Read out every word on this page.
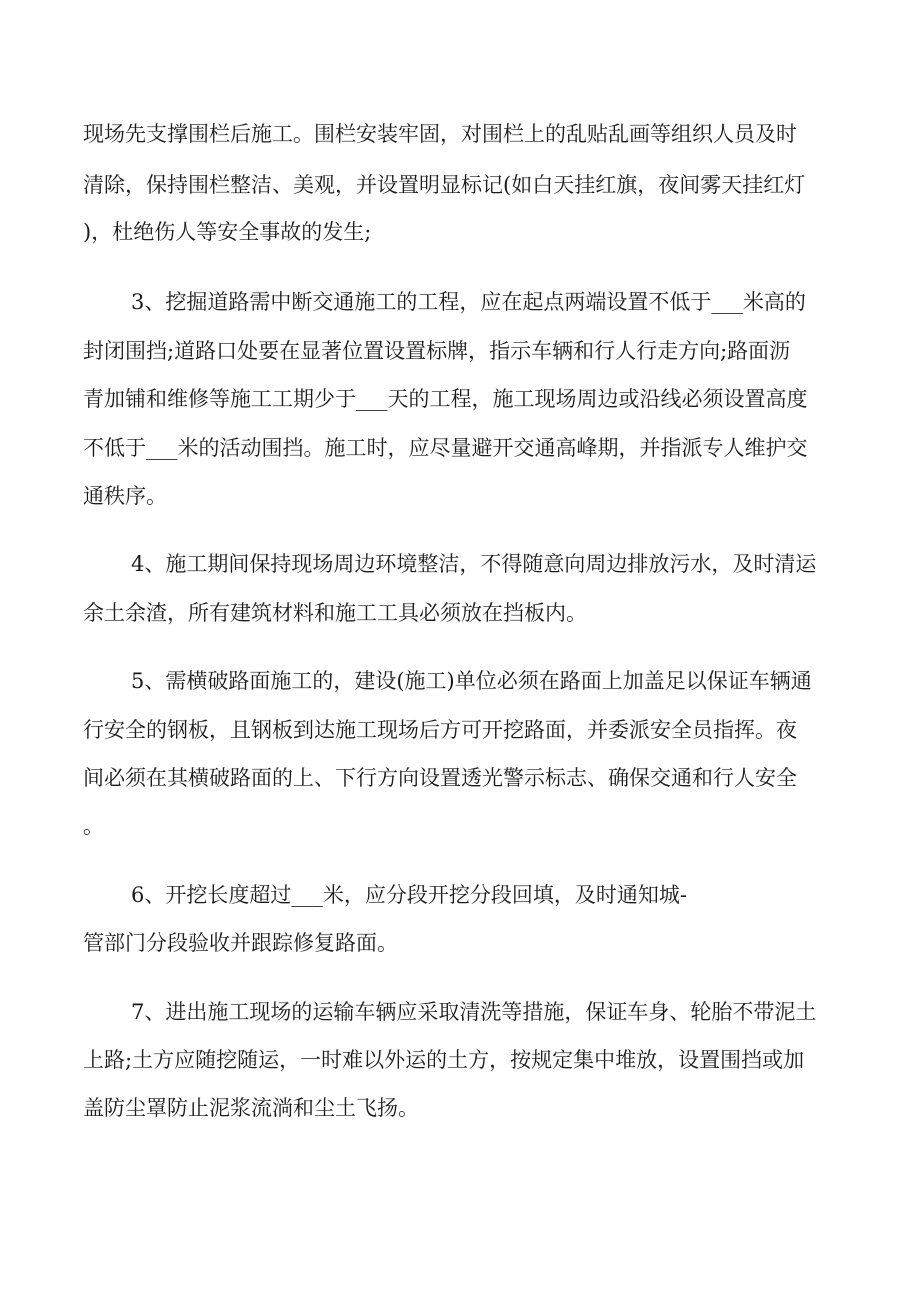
现场先支撑围栏后施工。围栏安装牢固，对围栏上的乱贴乱画等组织人员及时
清除，保持围栏整洁、美观，并设置明显标记(如白天挂红旗，夜间雾天挂红灯
)，杜绝伤人等安全事故的发生;
3、挖掘道路需中断交通施工的工程，应在起点两端设置不低于___米高的
封闭围挡;道路口处要在显著位置设置标牌，指示车辆和行人行走方向;路面沥
青加铺和维修等施工工期少于___天的工程，施工现场周边或沿线必须设置高度
不低于___米的活动围挡。施工时，应尽量避开交通高峰期，并指派专人维护交
通秩序。
4、施工期间保持现场周边环境整洁，不得随意向周边排放污水，及时清运
余土余渣，所有建筑材料和施工工具必须放在挡板内。
5、需横破路面施工的，建设(施工)单位必须在路面上加盖足以保证车辆通
行安全的钢板，且钢板到达施工现场后方可开挖路面，并委派安全员指挥。夜
间必须在其横破路面的上、下行方向设置透光警示标志、确保交通和行人安全
。
6、开挖长度超过___米，应分段开挖分段回填，及时通知城-
管部门分段验收并跟踪修复路面。
7、进出施工现场的运输车辆应采取清洗等措施，保证车身、轮胎不带泥土
上路;土方应随挖随运，一时难以外运的土方，按规定集中堆放，设置围挡或加
盖防尘罩防止泥浆流淌和尘土飞扬。
